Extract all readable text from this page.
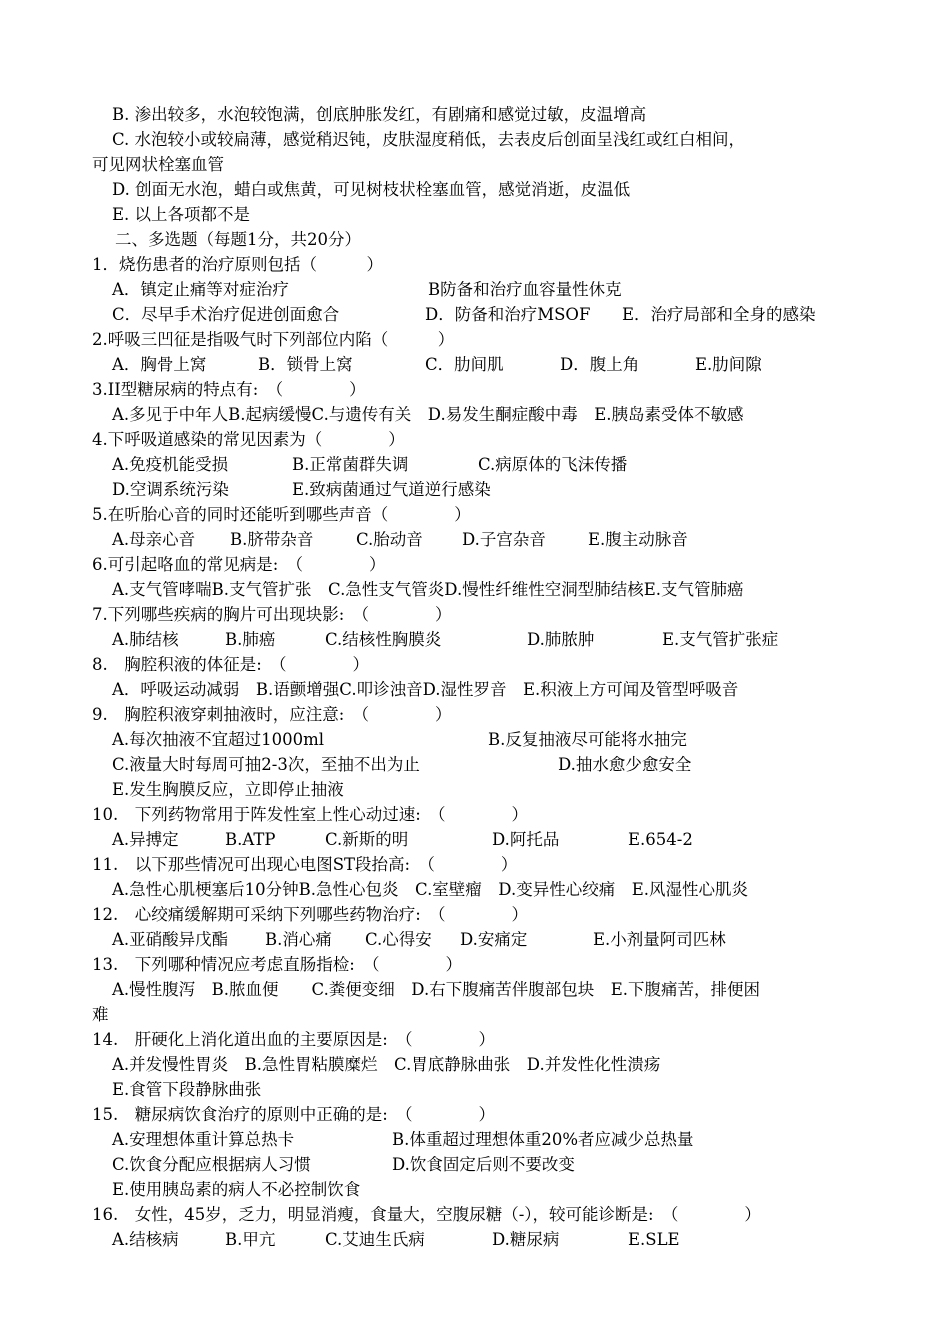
B. 渗出较多，水泡较饱满，创底肿胀发红，有剧痛和感觉过敏，皮温增高
C. 水泡较小或较扁薄，感觉稍迟钝，皮肤湿度稍低，去表皮后创面呈浅红或红白相间，
可见网状栓塞血管
D. 创面无水泡，蜡白或焦黄，可见树枝状栓塞血管，感觉消逝，皮温低
E. 以上各项都不是
二、多选题（每题1分，共20分）
1．烧伤患者的治疗原则包括（　　　）
A．镇定止痛等对症治疗	B防备和治疗血容量性休克
C．尽早手术治疗促进创面愈合	D．防备和治疗MSOF E．治疗局部和全身的感染
2.呼吸三凹征是指吸气时下列部位内陷（　　　）
A．胸骨上窝	B．锁骨上窝	C．肋间肌	D．腹上角	E.肋间隙
3.II型糖尿病的特点有:　（　　　　）
A.多见于中年人B.起病缓慢C.与遗传有关　D.易发生酮症酸中毒　E.胰岛素受体不敏感
4.下呼吸道感染的常见因素为（　　　　）
A.免疫机能受损	B.正常菌群失调	C.病原体的飞沫传播
D.空调系统污染	E.致病菌通过气道逆行感染
5.在听胎心音的同时还能听到哪些声音（　　　　）
A.母亲心音 B.脐带杂音	C.胎动音 D.子宫杂音	E.腹主动脉音
6.可引起咯血的常见病是:　（　　　　）
A.支气管哮喘B.支气管扩张　C.急性支气管炎D.慢性纤维性空洞型肺结核E.支气管肺癌
7.下列哪些疾病的胸片可出现块影:　（　　　　）
A.肺结核	B.肺癌	C.结核性胸膜炎	D.肺脓肿	E.支气管扩张症
8.　胸腔积液的体征是:　（　　　　）
A．呼吸运动减弱　B.语颤增强C.叩诊浊音D.湿性罗音　E.积液上方可闻及管型呼吸音
9.　胸腔积液穿刺抽液时，应注意:　（　　　　）
A.每次抽液不宜超过1000ml	B.反复抽液尽可能将水抽完
C.液量大时每周可抽2-3次，至抽不出为止	D.抽水愈少愈安全
E.发生胸膜反应，立即停止抽液
10.　下列药物常用于阵发性室上性心动过速:　（　　　　）
A.异搏定	B.ATP	C.新斯的明	D.阿托品	E.654-2
11.　以下那些情况可出现心电图ST段抬高:　（　　　　）
A.急性心肌梗塞后10分钟B.急性心包炎　C.室壁瘤　D.变异性心绞痛　E.风湿性心肌炎
12.　心绞痛缓解期可采纳下列哪些药物治疗:　（　　　　）
A.亚硝酸异戊酯 B.消心痛 C.心得安 D.安痛定	E.小剂量阿司匹林
13.　下列哪种情况应考虑直肠指检:　（　　　　）
A.慢性腹泻　B.脓血便　　C.粪便变细　D.右下腹痛苦伴腹部包块　E.下腹痛苦，排便困
难
14.　肝硬化上消化道出血的主要原因是:　（　　　　）
A.并发慢性胃炎　B.急性胃粘膜糜烂　C.胃底静脉曲张　D.并发性化性溃疡
E.食管下段静脉曲张
15.　糖尿病饮食治疗的原则中正确的是:　（　　　　）
A.安理想体重计算总热卡	B.体重超过理想体重20%者应减少总热量
C.饮食分配应根据病人习惯	D.饮食固定后则不要改变
E.使用胰岛素的病人不必控制饮食
16.　女性，45岁，乏力，明显消瘦，食量大，空腹尿糖（-），较可能诊断是:　（　　　　）
A.结核病	B.甲亢	C.艾迪生氏病	D.糖尿病	E.SLE
